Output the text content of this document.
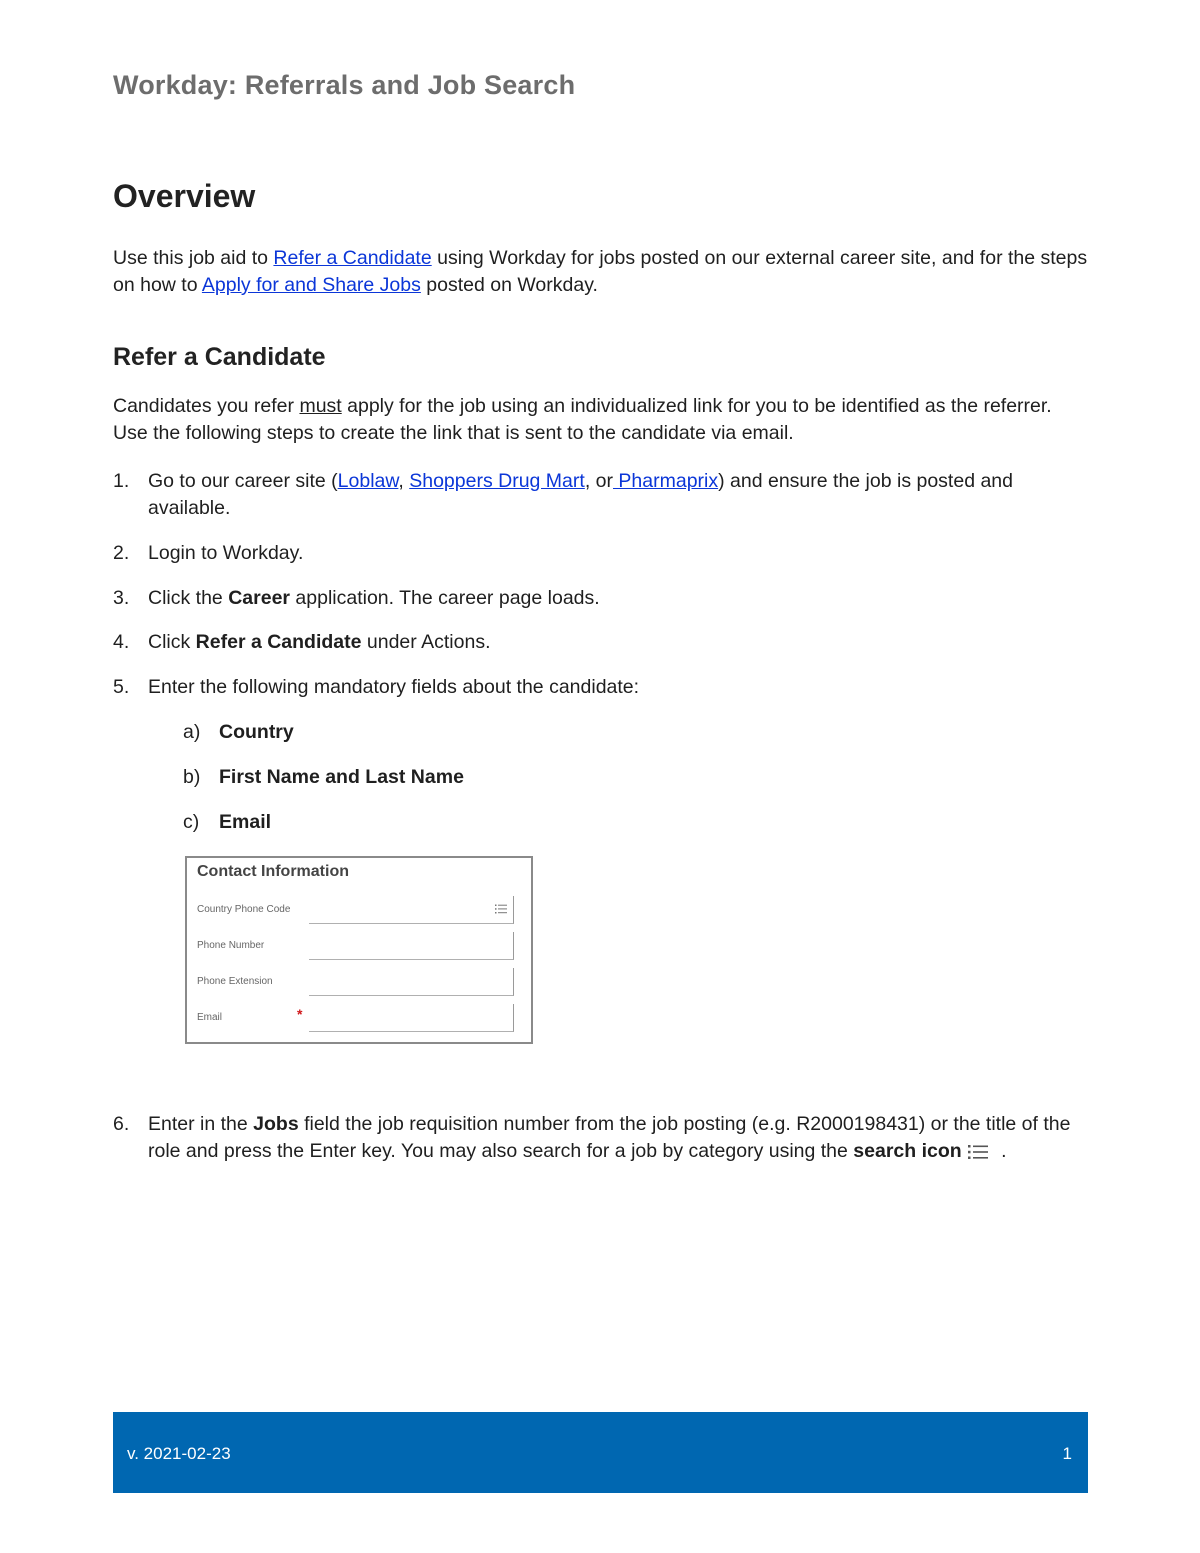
Workday: Referrals and Job Search
Overview

Use this job aid to Refer a Candidate using Workday for jobs posted on our external career site, and for the steps on how to Apply for and Share Jobs posted on Workday.

Refer a Candidate

Candidates you refer must apply for the job using an individualized link for you to be identified as the referrer. Use the following steps to create the link that is sent to the candidate via email.

1. Go to our career site (Loblaw, Shoppers Drug Mart, or Pharmaprix) and ensure the job is posted and available.
2. Login to Workday.
3. Click the Career application. The career page loads.
4. Click Refer a Candidate under Actions.
5. Enter the following mandatory fields about the candidate:
a) Country
b) First Name and Last Name
c) Email
Contact Information
Country Phone Code
Phone Number
Phone Extension
Email	*
6. Enter in the Jobs field the job requisition number from the job posting (e.g. R2000198431) or the title of the role and press the Enter key. You may also search for a job by category using the search icon .
v. 2021-02-23	1
